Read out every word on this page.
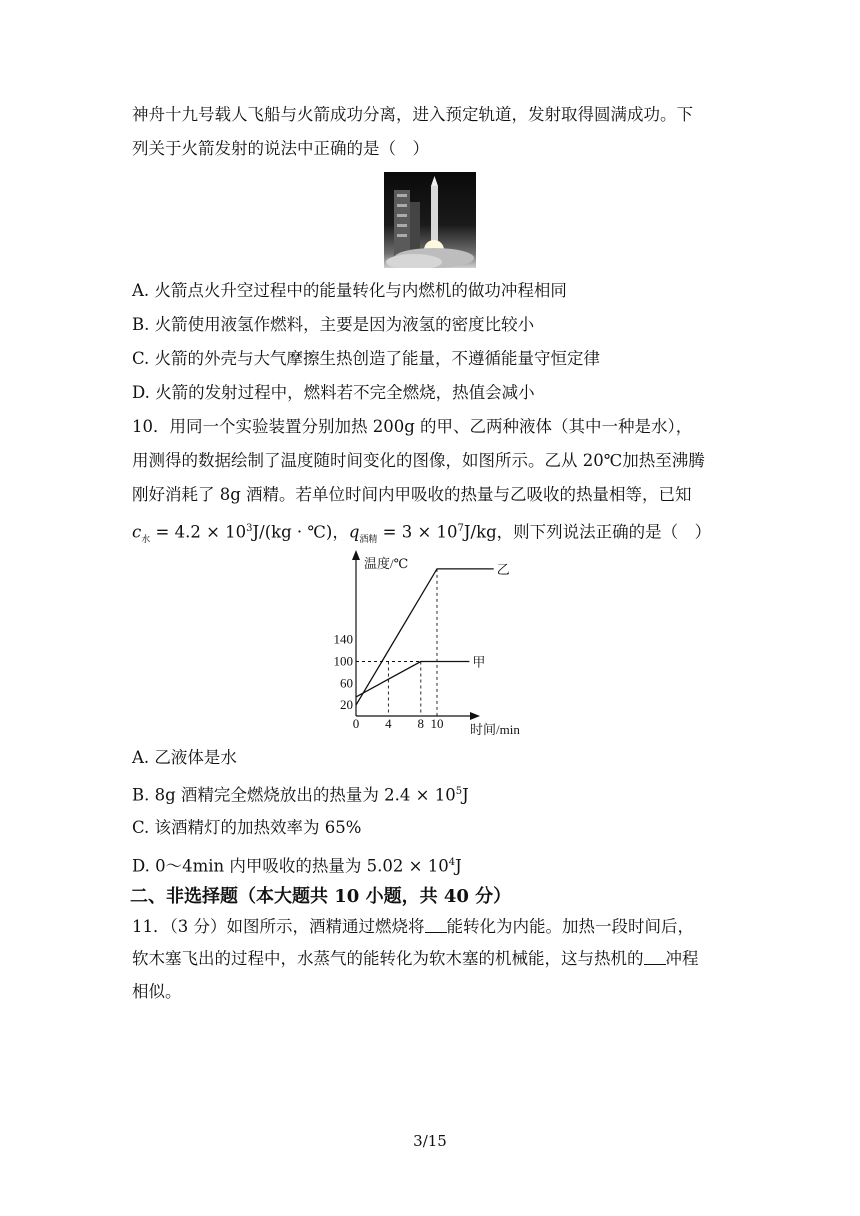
神舟十九号载人飞船与火箭成功分离，进入预定轨道，发射取得圆满成功。下
列关于火箭发射的说法中正确的是（　）
A. 火箭点火升空过程中的能量转化与内燃机的做功冲程相同
B. 火箭使用液氢作燃料，主要是因为液氢的密度比较小
C. 火箭的外壳与大气摩擦生热创造了能量，不遵循能量守恒定律
D. 火箭的发射过程中，燃料若不完全燃烧，热值会减小
10．用同一个实验装置分别加热 200g 的甲、乙两种液体（其中一种是水），
用测得的数据绘制了温度随时间变化的图像，如图所示。乙从 20℃加热至沸腾
刚好消耗了 8g 酒精。若单位时间内甲吸收的热量与乙吸收的热量相等，已知
$c_水 = 4.2 \times 10^3J/(kg$ · ℃)，$q_{酒精} = 3 \times 10^7J/kg$，则下列说法正确的是（　）
温度/℃
时间/min
20
60
100
140
0 4 8 10
乙
甲
A. 乙液体是水
B. 8g 酒精完全燃烧放出的热量为 $2.4 \times 10^5J$
C. 该酒精灯的加热效率为 65%
D. 0～4min 内甲吸收的热量为 $5.02 \times 10^4J$
二、非选择题（本大题共 10 小题，共 40 分）
11．（3 分）如图所示，酒精通过燃烧将 能转化为内能。加热一段时间后，
软木塞飞出的过程中，水蒸气的能转化为软木塞的机械能，这与热机的 冲程
相似。
3/15
